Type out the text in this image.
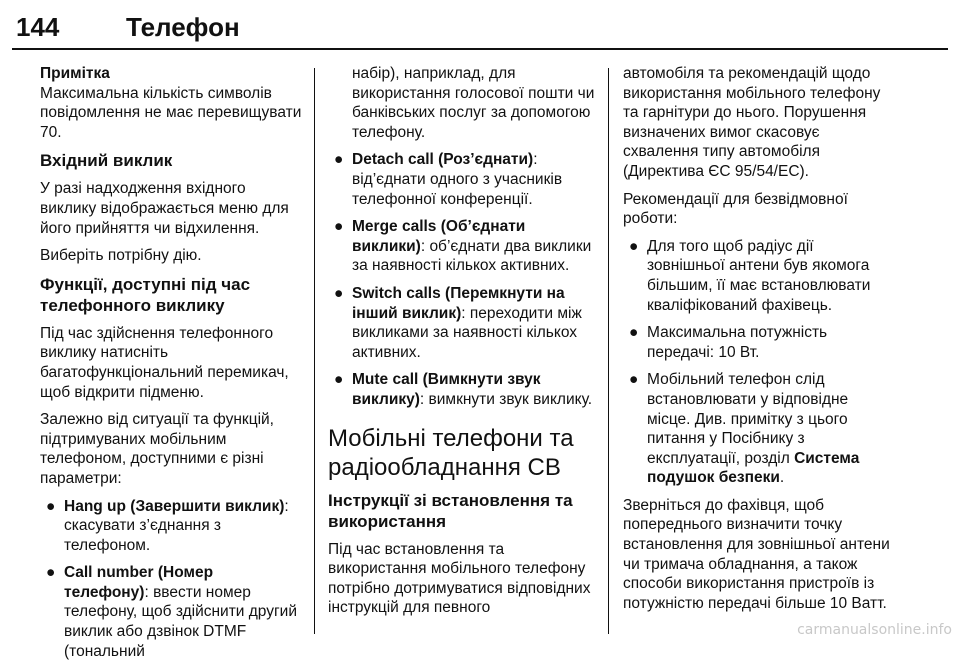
144	Телефон
Примітка

Максимальна кількість символів повідомлення не має перевищувати 70.

Вхідний виклик

У разі надходження вхідного виклику відображається меню для його прийняття чи відхилення.

Виберіть потрібну дію.

Функції, доступні під час телефонного виклику

Під час здійснення телефонного виклику натисніть багатофункціональний перемикач, щоб відкрити підменю.

Залежно від ситуації та функцій, підтримуваних мобільним телефоном, доступними є різні параметри:

● Hang up (Завершити виклик): скасувати з’єднання з телефоном.
● Call number (Номер телефону): ввести номер телефону, щоб здійснити другий виклик або дзвінок DTMF (тональний
набір), наприклад, для використання голосової пошти чи банківських послуг за допомогою телефону.
● Detach call (Роз’єднати): від’єднати одного з учасників телефонної конференції.
● Merge calls (Об’єднати виклики): об’єднати два виклики за наявності кількох активних.
● Switch calls (Перемкнути на інший виклик): переходити між викликами за наявності кількох активних.
● Mute call (Вимкнути звук виклику): вимкнути звук виклику.
Мобільні телефони та радіообладнання CB
Інструкції зі встановлення та використання

Під час встановлення та використання мобільного телефону потрібно дотримуватися відповідних інструкцій для певного

автомобіля та рекомендацій щодо використання мобільного телефону та гарнітури до нього. Порушення визначених вимог скасовує схвалення типу автомобіля (Директива ЄС 95/54/ЕС).

Рекомендації для безвідмовної роботи:

● Для того щоб радіус дії зовнішньої антени був якомога більшим, її має встановлювати кваліфікований фахівець.
● Максимальна потужність передачі: 10 Вт.
● Мобільний телефон слід встановлювати у відповідне місце. Див. примітку з цього питання у Посібнику з експлуатації, розділ Система подушок безпеки.

Зверніться до фахівця, щоб попереднього визначити точку встановлення для зовнішньої антени чи тримача обладнання, а також способи використання пристроїв із потужністю передачі більше 10 Ватт.

carmanualsonline.info
